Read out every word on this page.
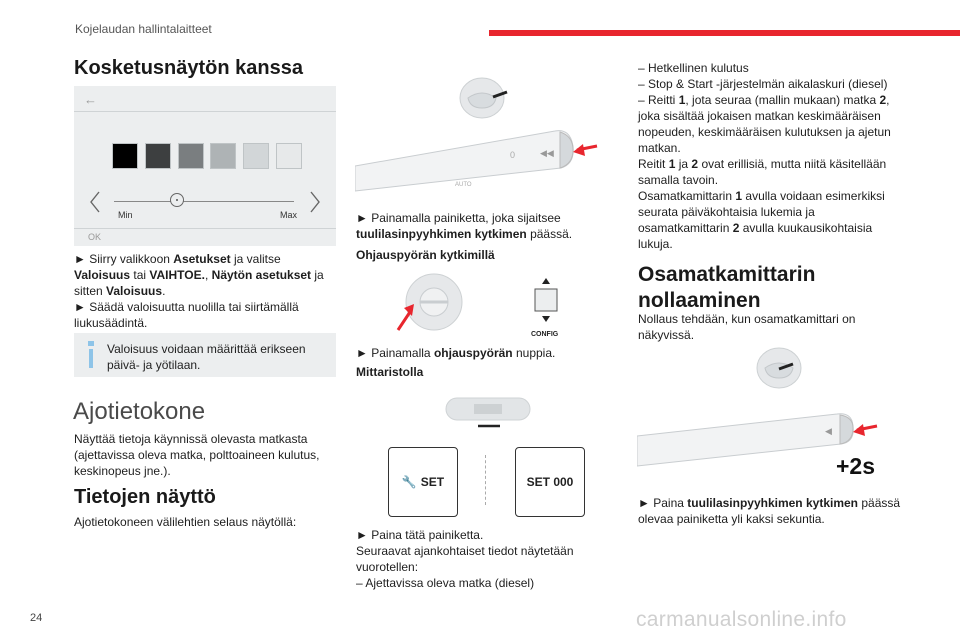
Kojelaudan hallintalaitteet
24	carmanualsonline.info
Kosketusnäytön kanssa
←
Min	Max
OK
► Siirry valikkoon Asetukset ja valitse Valoisuus tai VAIHTOE., Näytön asetukset ja sitten Valoisuus.
► Säädä valoisuutta nuolilla tai siirtämällä liukusäädintä.
Valoisuus voidaan määrittää erikseen päivä- ja yötilaan.
Ajotietokone
Näyttää tietoja käynnissä olevasta matkasta (ajettavissa oleva matka, polttoaineen kulutus, keskinopeus jne.).
Tietojen näyttö
Ajotietokoneen välilehtien selaus näytöllä:
◀◀
0
AUTO
► Painamalla painiketta, joka sijaitsee tuulilasinpyyhkimen kytkimen päässä.
Ohjauspyörän kytkimillä
CONFIG
► Painamalla ohjauspyörän nuppia.
Mittaristolla
🔧 SET	SET 000
► Paina tätä painiketta.
Seuraavat ajankohtaiset tiedot näytetään vuorotellen:
– Ajettavissa oleva matka (diesel)
– Hetkellinen kulutus
– Stop & Start -järjestelmän aikalaskuri (diesel)
– Reitti 1, jota seuraa (mallin mukaan) matka 2, joka sisältää jokaisen matkan keskimääräisen nopeuden, keskimääräisen kulutuksen ja ajetun matkan.
Reitit 1 ja 2 ovat erillisiä, mutta niitä käsitellään samalla tavoin.
Osamatkamittarin 1 avulla voidaan esimerkiksi seurata päiväkohtaisia lukemia ja osamatkamittarin 2 avulla kuukausikohtaisia lukuja.
Osamatkamittarin nollaaminen
Nollaus tehdään, kun osamatkamittari on näkyvissä.
◀
+2s
► Paina tuulilasinpyyhkimen kytkimen päässä olevaa painiketta yli kaksi sekuntia.
